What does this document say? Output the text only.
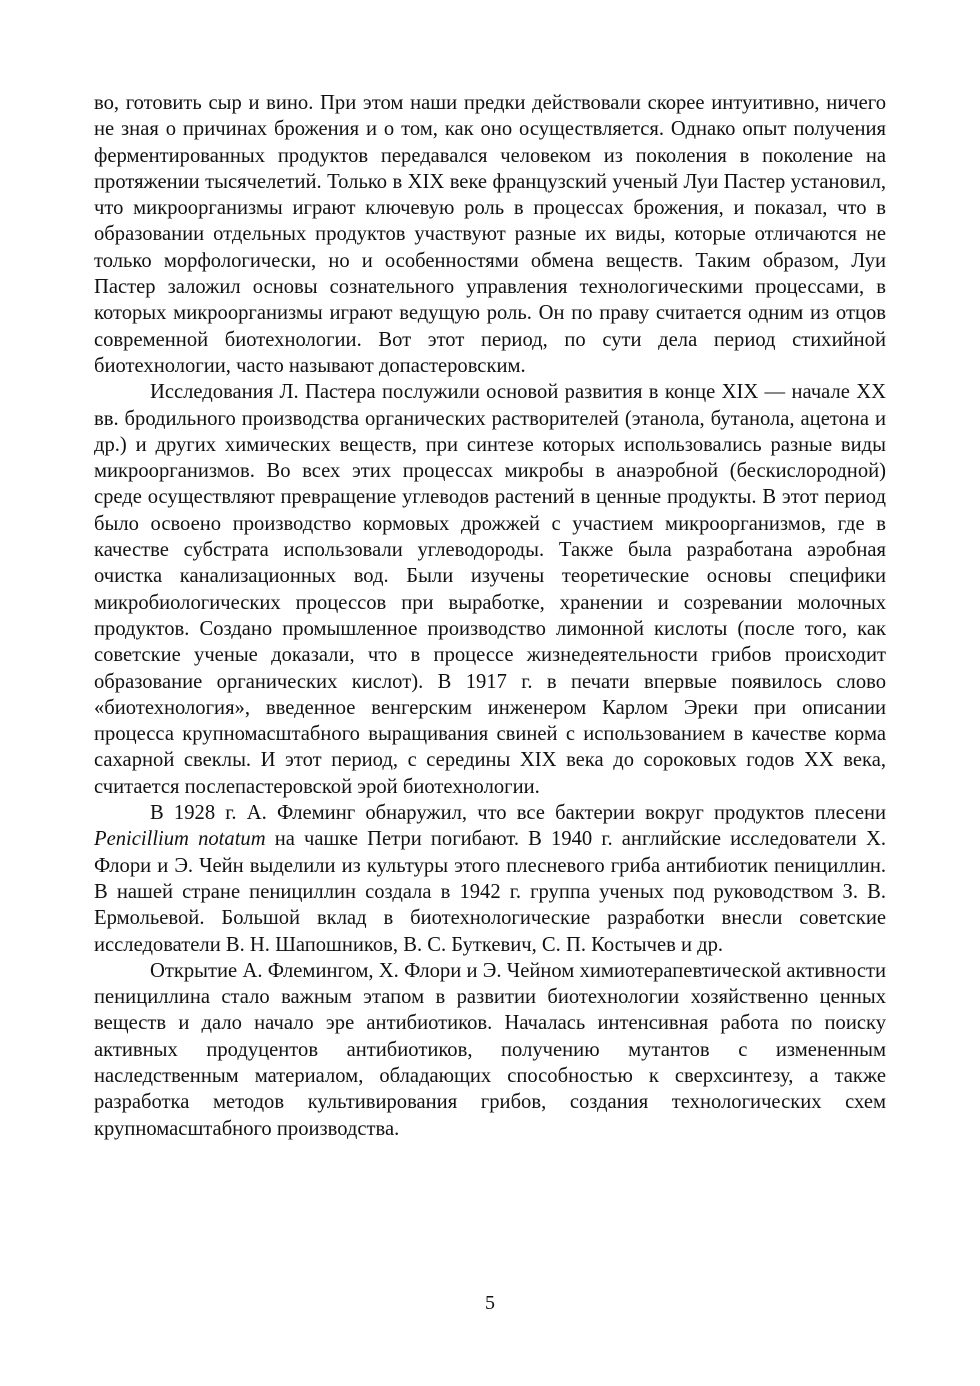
во, готовить сыр и вино. При этом наши предки действовали скорее интуитивно, ничего не зная о причинах брожения и о том, как оно осуществляется. Однако опыт получения ферментированных продуктов передавался человеком из поколения в поколение на протяжении тысячелетий. Только в XIX веке французский ученый Луи Пастер установил, что микроорганизмы играют ключевую роль в процессах брожения, и показал, что в образовании отдельных продуктов участвуют разные их виды, которые отличаются не только морфологически, но и особенностями обмена веществ. Таким образом, Луи Пастер заложил основы сознательного управления технологическими процессами, в которых микроорганизмы играют ведущую роль. Он по праву считается одним из отцов современной биотехнологии. Вот этот период, по сути дела период стихийной биотехнологии, часто называют допастеровским.

Исследования Л. Пастера послужили основой развития в конце XIX — начале XX вв. бродильного производства органических растворителей (этанола, бутанола, ацетона и др.) и других химических веществ, при синтезе которых использовались разные виды микроорганизмов. Во всех этих процессах микробы в анаэробной (бескислородной) среде осуществляют превращение углеводов растений в ценные продукты. В этот период было освоено производство кормовых дрожжей с участием микроорганизмов, где в качестве субстрата использовали углеводороды. Также была разработана аэробная очистка канализационных вод. Были изучены теоретические основы специфики микробиологических процессов при выработке, хранении и созревании молочных продуктов. Создано промышленное производство лимонной кислоты (после того, как советские ученые доказали, что в процессе жизнедеятельности грибов происходит образование органических кислот). В 1917 г. в печати впервые появилось слово «биотехнология», введенное венгерским инженером Карлом Эреки при описании процесса крупномасштабного выращивания свиней с использованием в качестве корма сахарной свеклы. И этот период, с середины XIX века до сороковых годов XX века, считается послепастеровской эрой биотехнологии.

В 1928 г. А. Флеминг обнаружил, что все бактерии вокруг продуктов плесени Penicillium notatum на чашке Петри погибают. В 1940 г. английские исследователи Х. Флори и Э. Чейн выделили из культуры этого плесневого гриба антибиотик пенициллин. В нашей стране пенициллин создала в 1942 г. группа ученых под руководством З. В. Ермольевой. Большой вклад в биотехнологические разработки внесли советские исследователи В. Н. Шапошников, В. С. Буткевич, С. П. Костычев и др.

Открытие А. Флемингом, Х. Флори и Э. Чейном химиотерапевтической активности пенициллина стало важным этапом в развитии биотехнологии хозяйственно ценных веществ и дало начало эре антибиотиков. Началась интенсивная работа по поиску активных продуцентов антибиотиков, получению мутантов с измененным наследственным материалом, обладающих способностью к сверхсинтезу, а также разработка методов культивирования грибов, создания технологических схем крупномасштабного производства.

5
